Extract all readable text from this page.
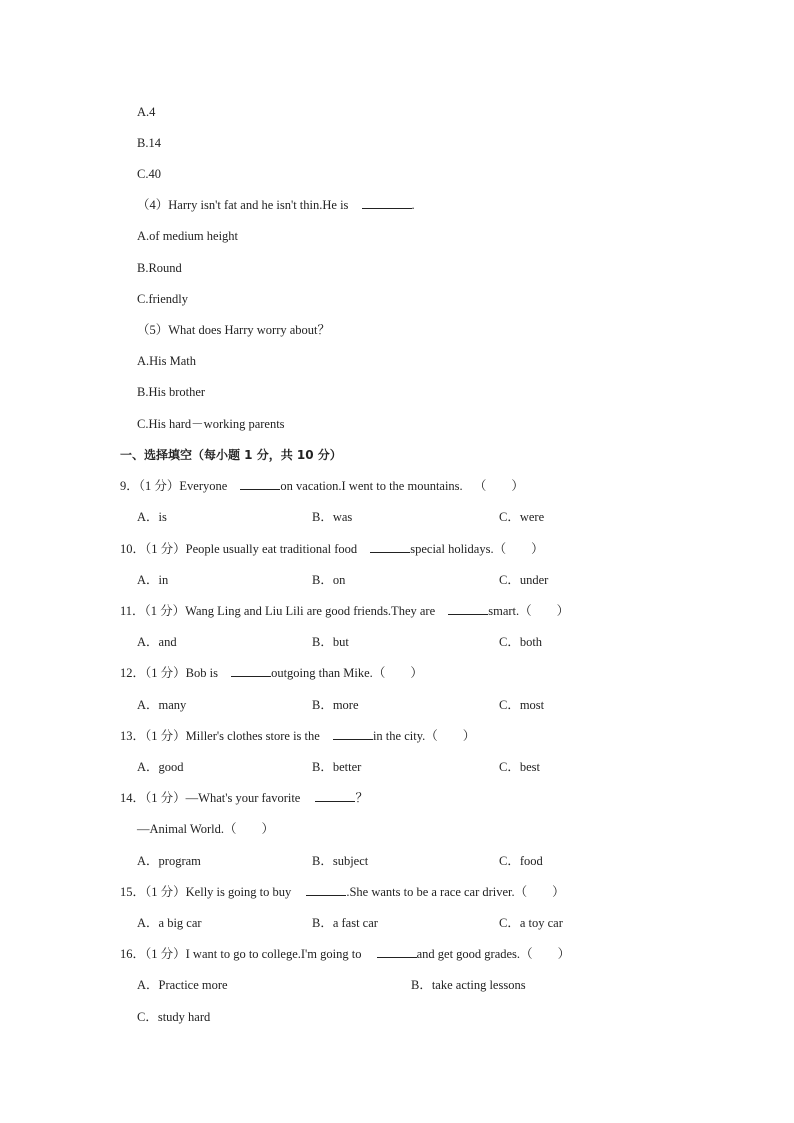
A.4
B.14
C.40
（4）Harry isn't fat and he isn't thin.He is	.
A.of medium height
B.Round
C.friendly
（5）What does Harry worry about？
A.His Math
B.His brother
C.His hard－working parents
一、选择填空（每小题 1 分，共 10 分）
9．（1 分）Everyone	on vacation.I went to the mountains. （　　）
A．is	B．was	C．were
10．（1 分）People usually eat traditional food	special holidays.（　　）
A．in	B．on	C．under
11．（1 分）Wang Ling and Liu Lili are good friends.They are	smart.（　　）
A．and	B．but	C．both
12．（1 分）Bob is	outgoing than Mike.（　　）
A．many	B．more	C．most
13．（1 分）Miller's clothes store is the	in the city.（　　）
A．good	B．better	C．best
14．（1 分）—What's your favorite	？
—Animal World.（　　）
A．program	B．subject	C．food
15．（1 分）Kelly is going to buy	.She wants to be a race car driver.（　　）
A．a big car	B．a fast car	C．a toy car
16．（1 分）I want to go to college.I'm going to	and get good grades.（　　）
A．Practice more	B．take acting lessons
C．study hard
